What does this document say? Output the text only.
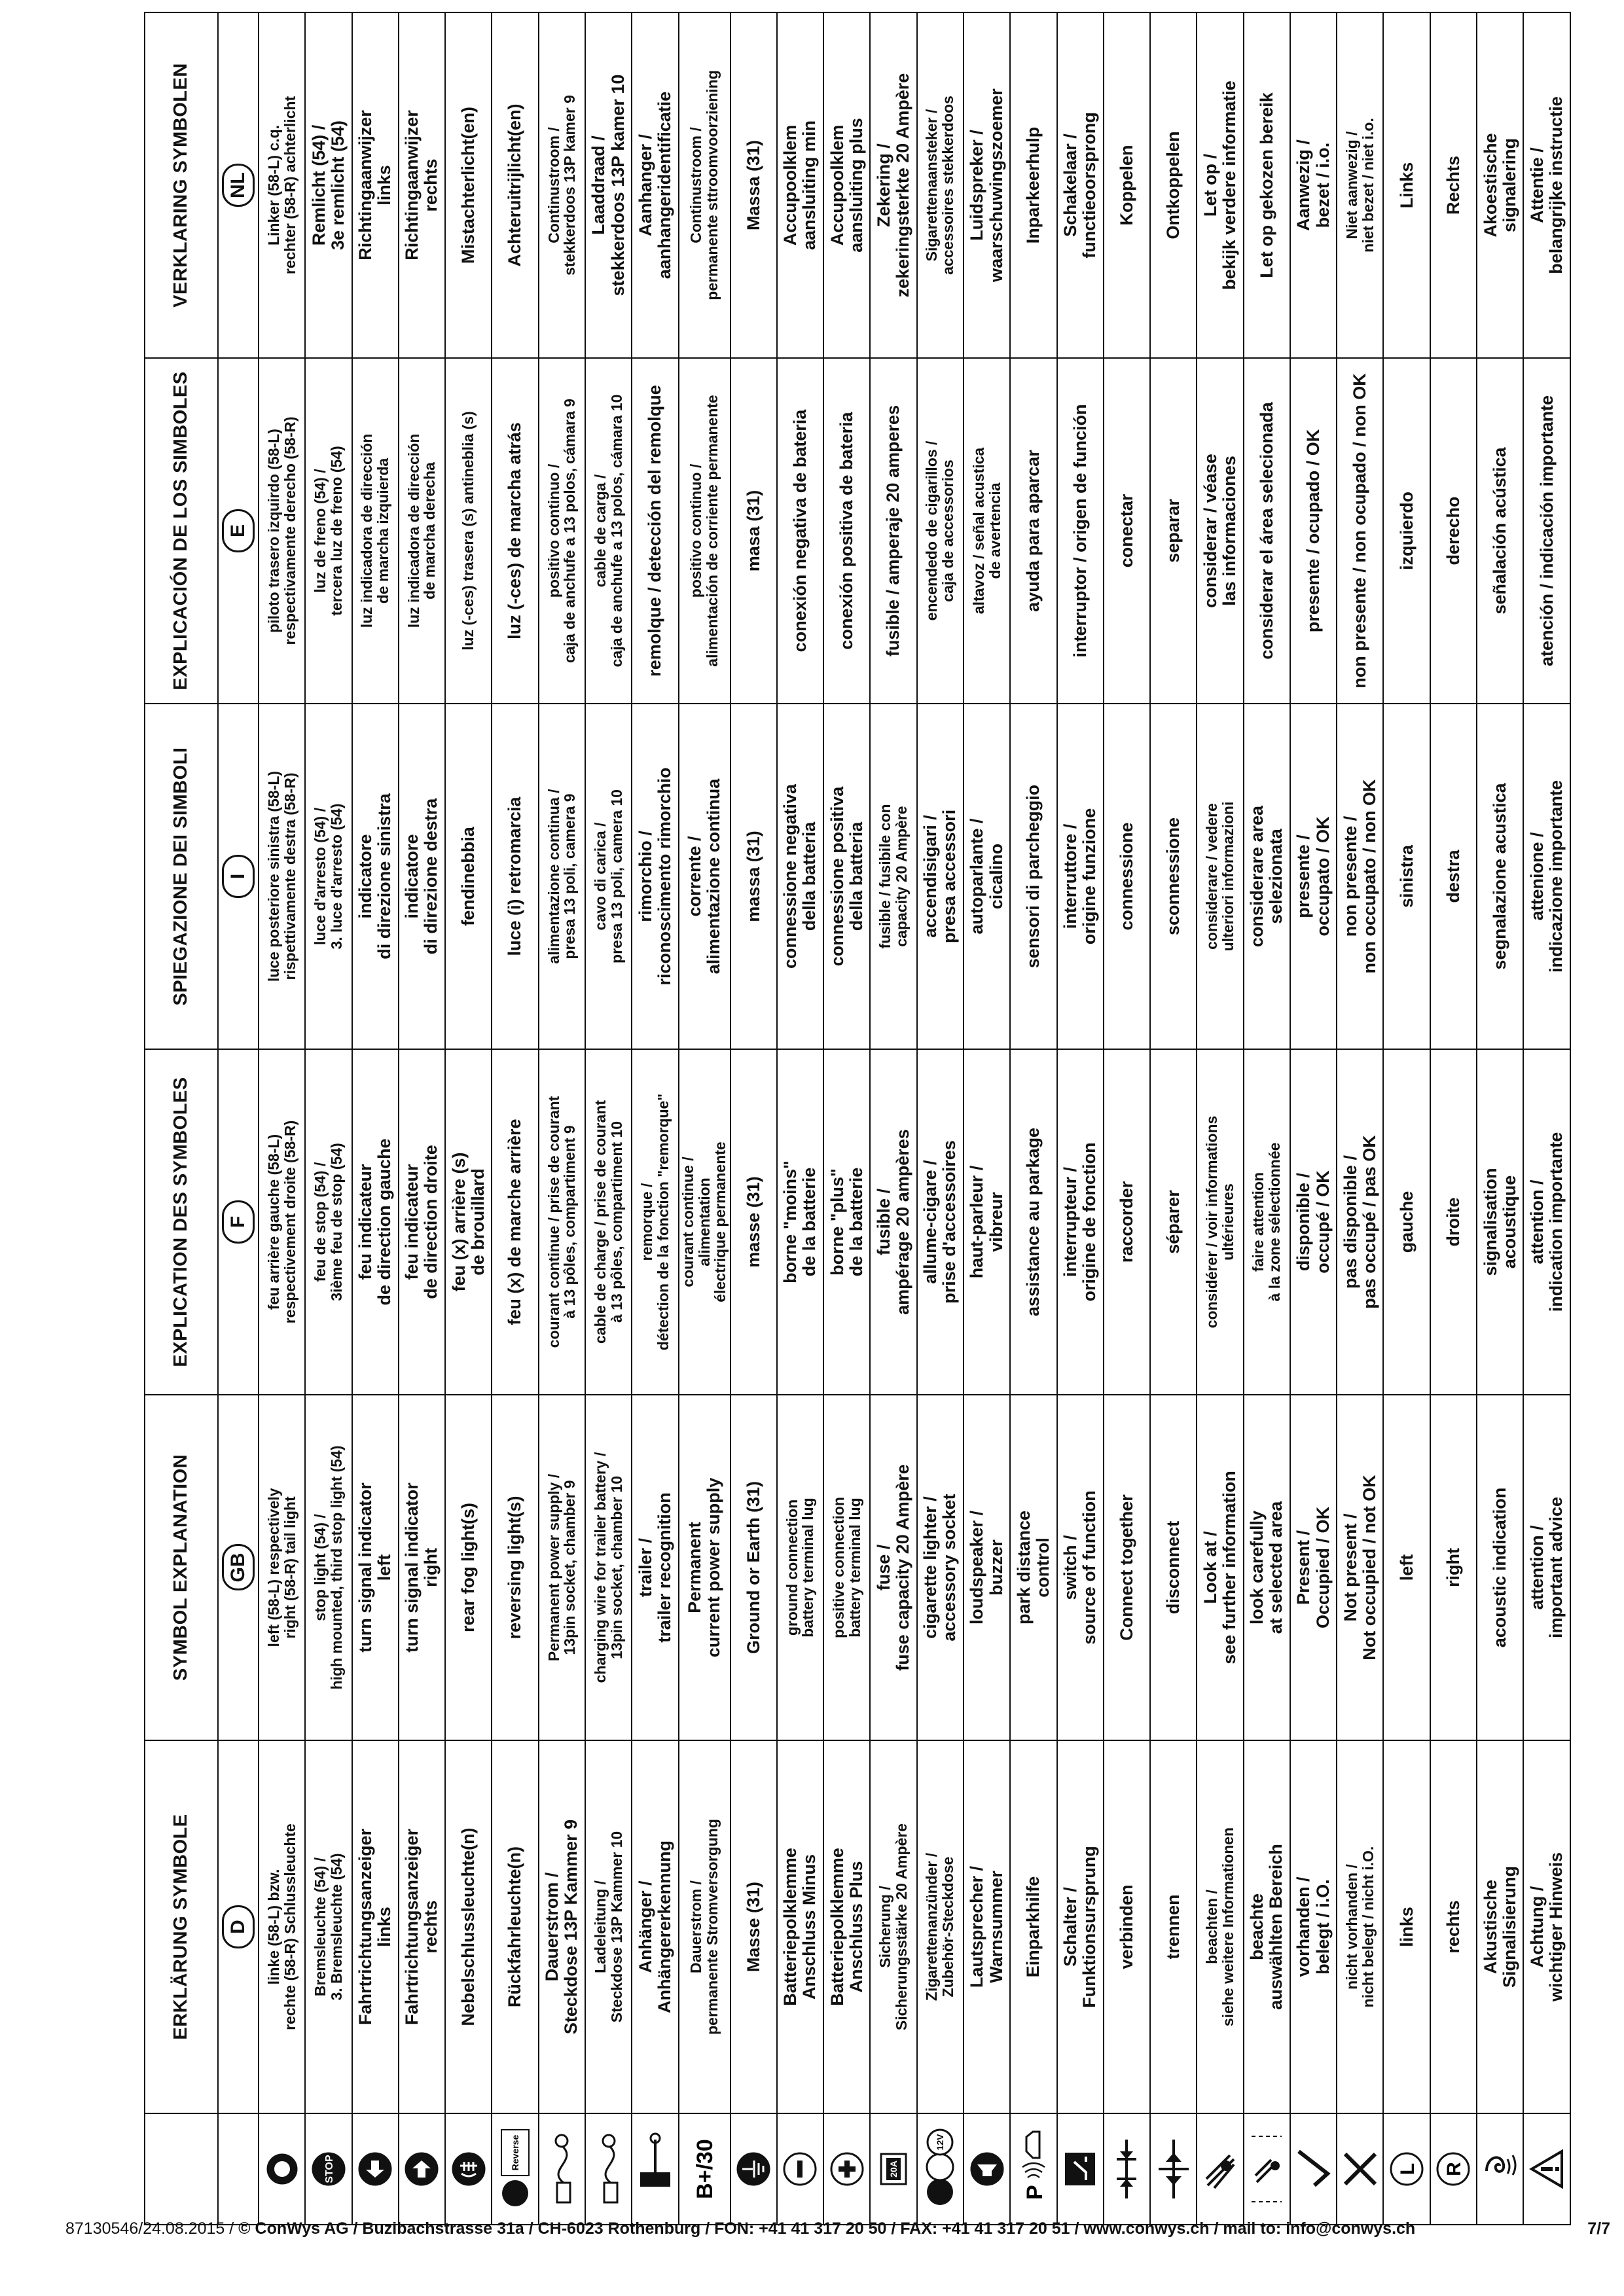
	ERKLÄRUNG SYMBOLE	SYMBOL EXPLANATION	EXPLICATION DES SYMBOLES	SPIEGAZIONE DEI SIMBOLI	EXPLICACIÓN DE LOS SIMBOLES	VERKLARING SYMBOLEN
	D	GB	F	I	E	NL

	linke (58-L) bzw.
rechte (58-R) Schlussleuchte	left (58-L) respectively
right (58-R) tail light	feu arrière gauche (58-L)
respectivement droite (58-R)	luce posteriore sinistra (58-L)
rispettivamente destra (58-R)	piloto trasero izquirdo (58-L)
respectivamente derecho (58-R)	Linker (58-L) c.q.
rechter (58-R) achterlicht

STOP	Bremsleuchte (54) /
3. Bremsleuchte (54)	stop light (54) /
high mounted, third stop light (54)	feu de stop (54) /
3ième feu de stop (54)	luce d'arresto (54) /
3. luce d'arresto (54)	luz de freno (54) /
tercera luz de freno (54)	Remlicht (54) /
3e remlicht (54)

	Fahrtrichtungsanzeiger
links	turn signal indicator
left	feu indicateur
de direction gauche	indicatore
di direzione sinistra	luz indicadora de dirección
de marcha izquierda	Richtingaanwijzer
links

	Fahrtrichtungsanzeiger
rechts	turn signal indicator
right	feu indicateur
de direction droite	indicatore
di direzione destra	luz indicadora de dirección
de marcha derecha	Richtingaanwijzer
rechts

	Nebelschlussleuchte(n)	rear fog light(s)	feu (x) arrière (s)
de brouillard	fendinebbia	luz (-ces) trasera (s) antineblia (s)	Mistachterlicht(en)

Reverse	Rückfahrleuchte(n)	reversing light(s)	feu (x) de marche arrière	luce (i) retromarcia	luz (-ces) de marcha atrás	Achteruitrijlicht(en)

	Dauerstrom /
Steckdose 13P Kammer 9	Permanent power supply /
13pin socket, chamber 9	courant continue / prise de courant
à 13 pôles, compartiment 9	alimentazione continua /
presa 13 poli, camera 9	positivo continuo /
caja de anchufe a 13 polos, cámara 9	Continustroom /
stekkerdoos 13P kamer 9

	Ladeleitung /
Steckdose 13P Kammer 10	charging wire for trailer battery /
13pin socket, chamber 10	cable de charge / prise de courant
à 13 pôles, compartiment 10	cavo di carica /
presa 13 poli, camera 10	cable de carga /
caja de anchufe a 13 polos, cámara 10	Laaddraad /
stekkerdoos 13P kamer 10

	Anhänger /
Anhängererkennung	trailer /
trailer recognition	remorque /
détection de la fonction "remorque"	rimorchio /
riconoscimento rimorchio	remolque / detección del remolque	Aanhanger /
aanhangeridentificatie

B+/30	Dauerstrom /
permanente Stromversorgung	Permanent
current power supply	courant continue /
alimentation
électrique permanente	corrente /
alimentazione continua	positivo continuo /
alimentación de corriente permanente	Continustroom /
permanente sttroomvoorziening

	Masse (31)	Ground or Earth (31)	masse (31)	massa (31)	masa (31)	Massa (31)

	Batteriepolklemme
Anschluss Minus	ground connection
battery terminal lug	borne "moins"
de la batterie	connessione negativa
della batteria	conexión negativa de bateria	Accupoolklem
aansluiting min

	Batteriepolklemme
Anschluss Plus	positive connection
battery terminal lug	borne "plus"
de la batterie	connessione positiva
della batteria	conexión positiva de bateria	Accupoolklem
aansluiting plus

20A	Sicherung /
Sicherungsstärke 20 Ampère	fuse /
fuse capacity 20 Ampère	fusible /
ampérage 20 ampères	fusible / fusibile con
capacity 20 Ampère	fusible / amperaje 20 amperes	Zekering /
zekeringsterkte 20 Ampère

12V	Zigarettenanzünder /
Zubehör-Steckdose	cigarette lighter /
accessory socket	allume-cigare /
prise d'accessoires	accendisigari /
presa accessori	encendedo de cigarillos /
caja de accessorios	Sigarettenaansteker /
accessoires stekkerdoos

	Lautsprecher /
Warnsummer	loudspeaker /
buzzer	haut-parleur /
vibreur	autoparlante /
cicalino	altavoz / señal acustica
de avertencia	Luidspreker /
waarschuwingszoemer

P	Einparkhilfe	park distance
control	assistance au parkage	sensori di parcheggio	ayuda para aparcar	Inparkeerhulp

	Schalter /
Funktionsursprung	switch /
source of function	interrupteur /
origine de fonction	interruttore /
origine funzione	interruptor / origen de función	Schakelaar /
functieoorsprong

	verbinden	Connect together	raccorder	connessione	conectar	Koppelen

	trennen	disconnect	séparer	sconnessione	separar	Ontkoppelen

	beachten /
siehe weitere Informationen	Look at /
see further information	considérer / voir informations
ultérieures	considerare / vedere
ulteriori informazioni	considerar / véase
las informaciones	Let op /
bekijk verdere informatie

	beachte
auswählten Bereich	look carefully
at selected area	faire attention
à la zone sélectionnée	considerare area
selezionata	considerar el área selecionada	Let op gekozen bereik

	vorhanden /
belegt / i.O.	Present /
Occupied / OK	disponible /
occupé / OK	presente /
occupato / OK	presente / ocupado / OK	Aanwezig /
bezet / i.o.

	nicht vorhanden /
nicht belegt / nicht i.O.	Not present /
Not occupied / not OK	pas disponible /
pas occupé / pas OK	non presente /
non occupato / non OK	non presente / non ocupado / non OK	Niet aanwezig /
niet bezet / niet i.o.

L	links	left	gauche	sinistra	izquierdo	Links

R	rechts	right	droite	destra	derecho	Rechts

	Akustische
Signalisierung	acoustic indication	signalisation
acoustique	segnalazione acustica	señalación acústica	Akoestische
signalering

	Achtung /
wichtiger Hinweis	attention /
important advice	attention /
indication importante	attenione /
indicazione importante	atención / indicación importante	Attentie /
belangrijke instructie
87130546/24.08.2015 / © ConWys AG / Buzibachstrasse 31a / CH-6023 Rothenburg / FON: +41 41 317 20 50 / FAX: +41 41 317 20 51 / www.conwys.ch / mail to: info@conwys.ch	7/7
